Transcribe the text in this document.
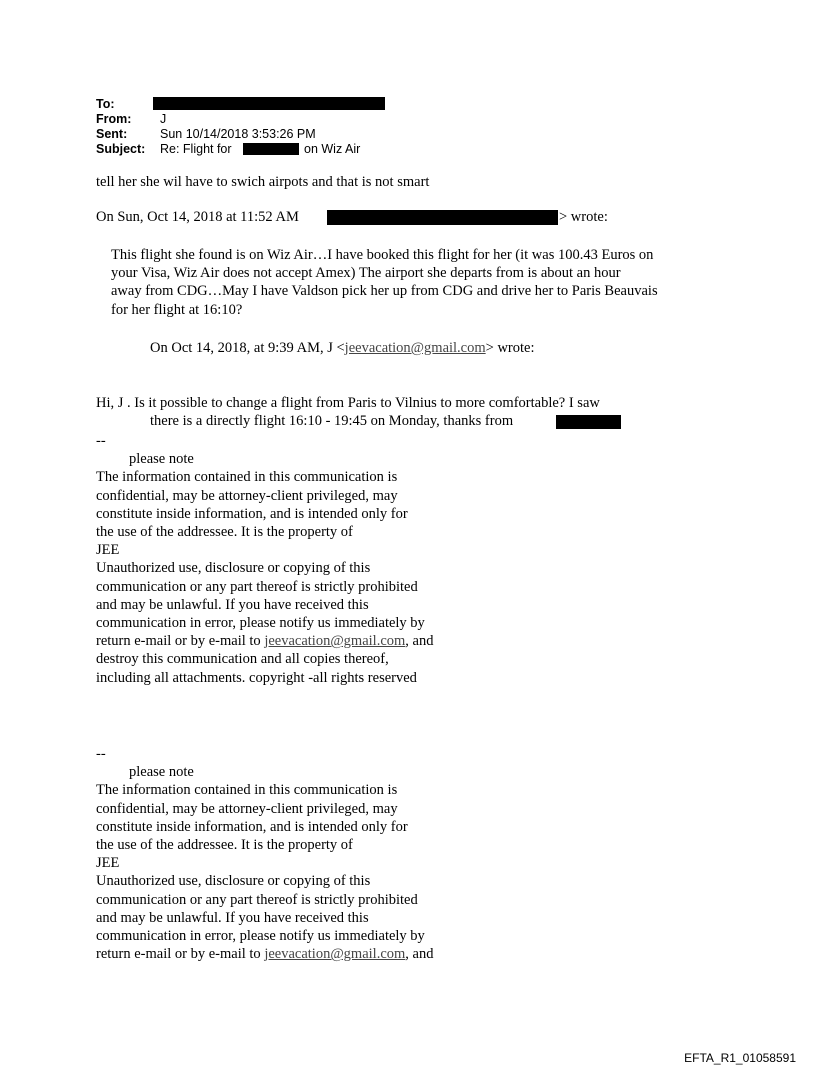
To:
From: J
Sent:	Sun 10/14/2018 3:53:26 PM
Subject: Re: Flight for	on Wiz Air
tell her she wil have to swich airpots and that is not smart
On Sun, Oct 14, 2018 at 11:52 AM	> wrote:
This flight she found is on Wiz Air…I have booked this flight for her (it was 100.43 Euros on
your Visa, Wiz Air does not accept Amex) The airport she departs from is about an hour
away from CDG…May I have Valdson pick her up from CDG and drive her to Paris Beauvais
for her flight at 16:10?
On Oct 14, 2018, at 9:39 AM, J <jeevacation@gmail.com> wrote:
Hi, J . Is it possible to change a flight from Paris to Vilnius to more comfortable? I saw
there is a directly flight 16:10 - 19:45 on Monday, thanks from
--
please note
The information contained in this communication is
confidential, may be attorney-client privileged, may
constitute inside information, and is intended only for
the use of the addressee. It is the property of
JEE
Unauthorized use, disclosure or copying of this
communication or any part thereof is strictly prohibited
and may be unlawful. If you have received this
communication in error, please notify us immediately by
return e-mail or by e-mail to jeevacation@gmail.com, and
destroy this communication and all copies thereof,
including all attachments. copyright -all rights reserved
--
please note
The information contained in this communication is
confidential, may be attorney-client privileged, may
constitute inside information, and is intended only for
the use of the addressee. It is the property of
JEE
Unauthorized use, disclosure or copying of this
communication or any part thereof is strictly prohibited
and may be unlawful. If you have received this
communication in error, please notify us immediately by
return e-mail or by e-mail to jeevacation@gmail.com, and
EFTA_R1_01058591
